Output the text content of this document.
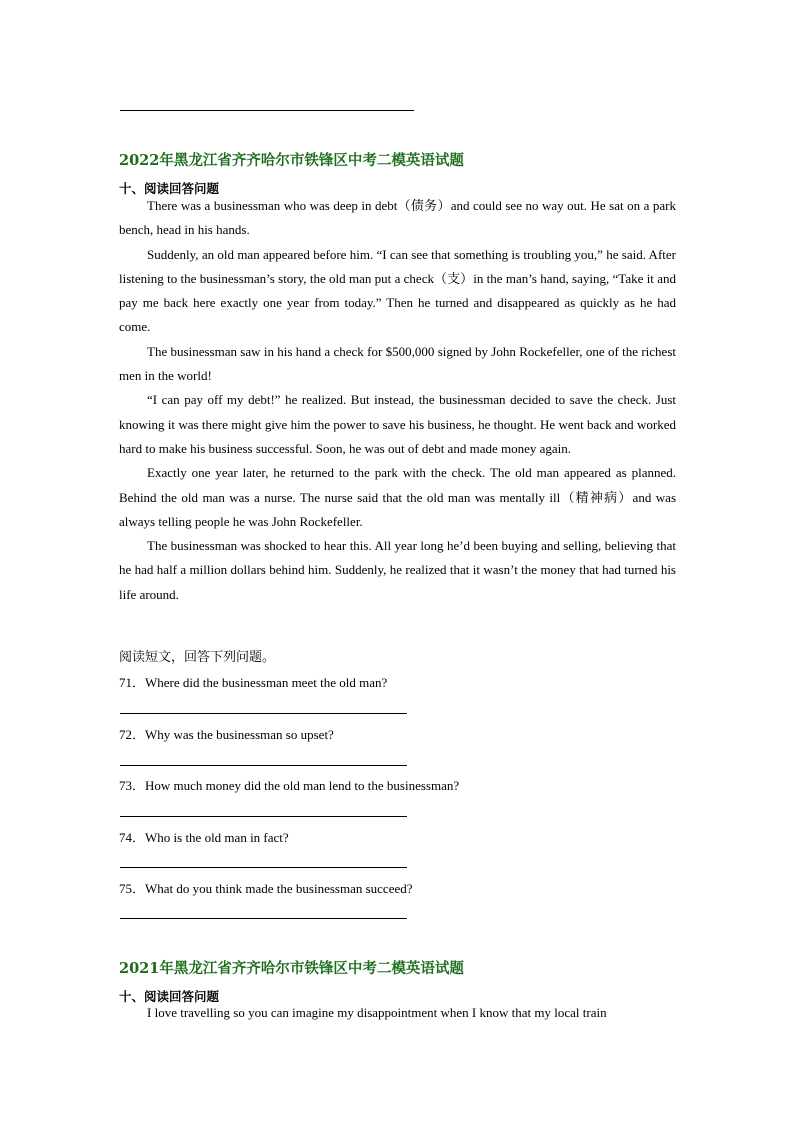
2022年黑龙江省齐齐哈尔市铁锋区中考二模英语试题
十、阅读回答问题

There was a businessman who was deep in debt（债务）and could see no way out. He sat on a park bench, head in his hands.

Suddenly, an old man appeared before him. “I can see that something is troubling you,” he said. After listening to the businessman’s story, the old man put a check（支）in the man’s hand, saying, “Take it and pay me back here exactly one year from today.” Then he turned and disappeared as quickly as he had come.

The businessman saw in his hand a check for $500,000 signed by John Rockefeller, one of the richest men in the world!

“I can pay off my debt!” he realized. But instead, the businessman decided to save the check. Just knowing it was there might give him the power to save his business, he thought. He went back and worked hard to make his business successful. Soon, he was out of debt and made money again.

Exactly one year later, he returned to the park with the check. The old man appeared as planned. Behind the old man was a nurse. The nurse said that the old man was mentally ill（精神病）and was always telling people he was John Rockefeller.

The businessman was shocked to hear this. All year long he’d been buying and selling, believing that he had half a million dollars behind him. Suddenly, he realized that it wasn’t the money that had turned his life around.

阅读短文，回答下列问题。
71．Where did the businessman meet the old man?
72．Why was the businessman so upset?
73．How much money did the old man lend to the businessman?
74．Who is the old man in fact?
75．What do you think made the businessman succeed?
2021年黑龙江省齐齐哈尔市铁锋区中考二模英语试题
十、阅读回答问题
I love travelling so you can imagine my disappointment when I know that my local train
